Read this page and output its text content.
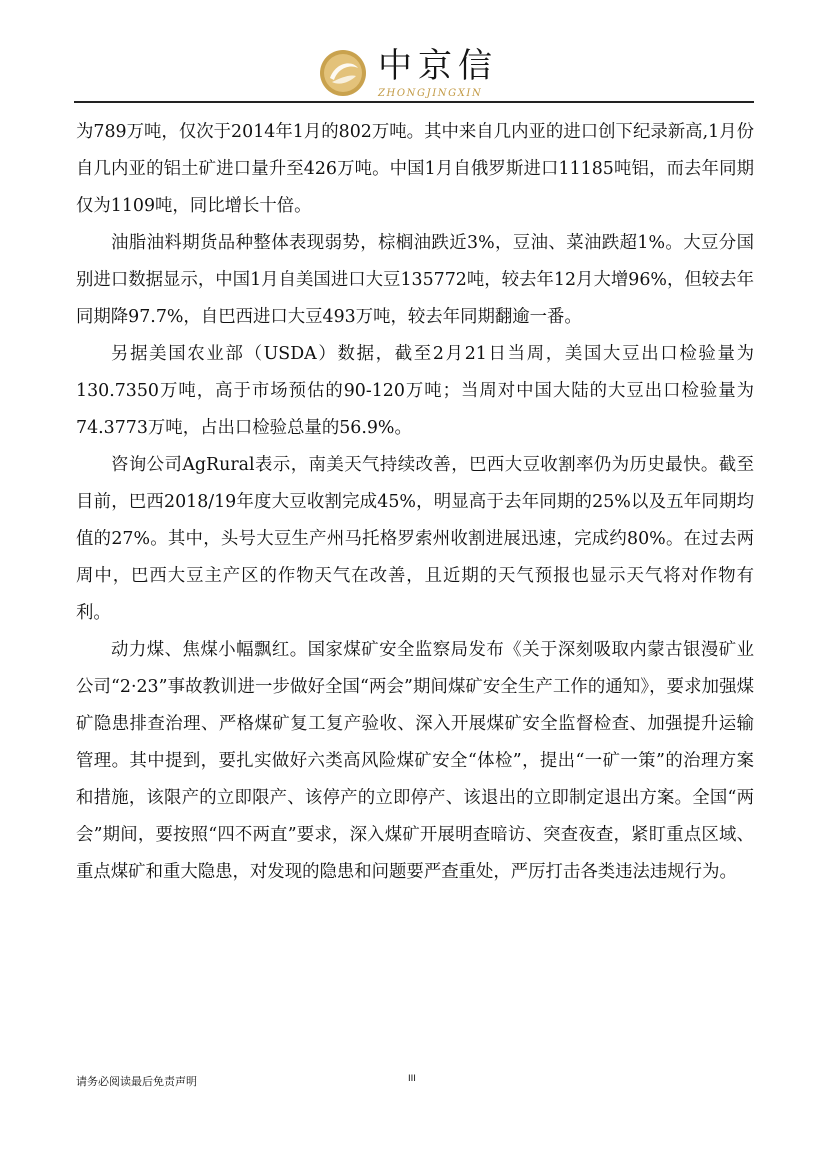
中京信
ZHONGJINGXIN

为789万吨，仅次于2014年1月的802万吨。其中来自几内亚的进口创下纪录新高,1月份自几内亚的铝土矿进口量升至426万吨。中国1月自俄罗斯进口11185吨铝，而去年同期仅为1109吨，同比增长十倍。

油脂油料期货品种整体表现弱势，棕榈油跌近3%，豆油、菜油跌超1%。大豆分国别进口数据显示，中国1月自美国进口大豆135772吨，较去年12月大增96%，但较去年同期降97.7%，自巴西进口大豆493万吨，较去年同期翻逾一番。

另据美国农业部（USDA）数据，截至2月21日当周，美国大豆出口检验量为130.7350万吨，高于市场预估的90-120万吨；当周对中国大陆的大豆出口检验量为74.3773万吨，占出口检验总量的56.9%。

咨询公司AgRural表示，南美天气持续改善，巴西大豆收割率仍为历史最快。截至目前，巴西2018/19年度大豆收割完成45%，明显高于去年同期的25%以及五年同期均值的27%。其中，头号大豆生产州马托格罗索州收割进展迅速，完成约80%。在过去两周中，巴西大豆主产区的作物天气在改善，且近期的天气预报也显示天气将对作物有利。

动力煤、焦煤小幅飘红。国家煤矿安全监察局发布《关于深刻吸取内蒙古银漫矿业公司“2·23”事故教训进一步做好全国“两会”期间煤矿安全生产工作的通知》，要求加强煤矿隐患排查治理、严格煤矿复工复产验收、深入开展煤矿安全监督检查、加强提升运输管理。其中提到，要扎实做好六类高风险煤矿安全“体检”，提出“一矿一策”的治理方案和措施，该限产的立即限产、该停产的立即停产、该退出的立即制定退出方案。全国“两会”期间，要按照“四不两直”要求，深入煤矿开展明查暗访、突查夜查，紧盯重点区域、重点煤矿和重大隐患，对发现的隐患和问题要严查重处，严厉打击各类违法违规行为。

请务必阅读最后免责声明	III
